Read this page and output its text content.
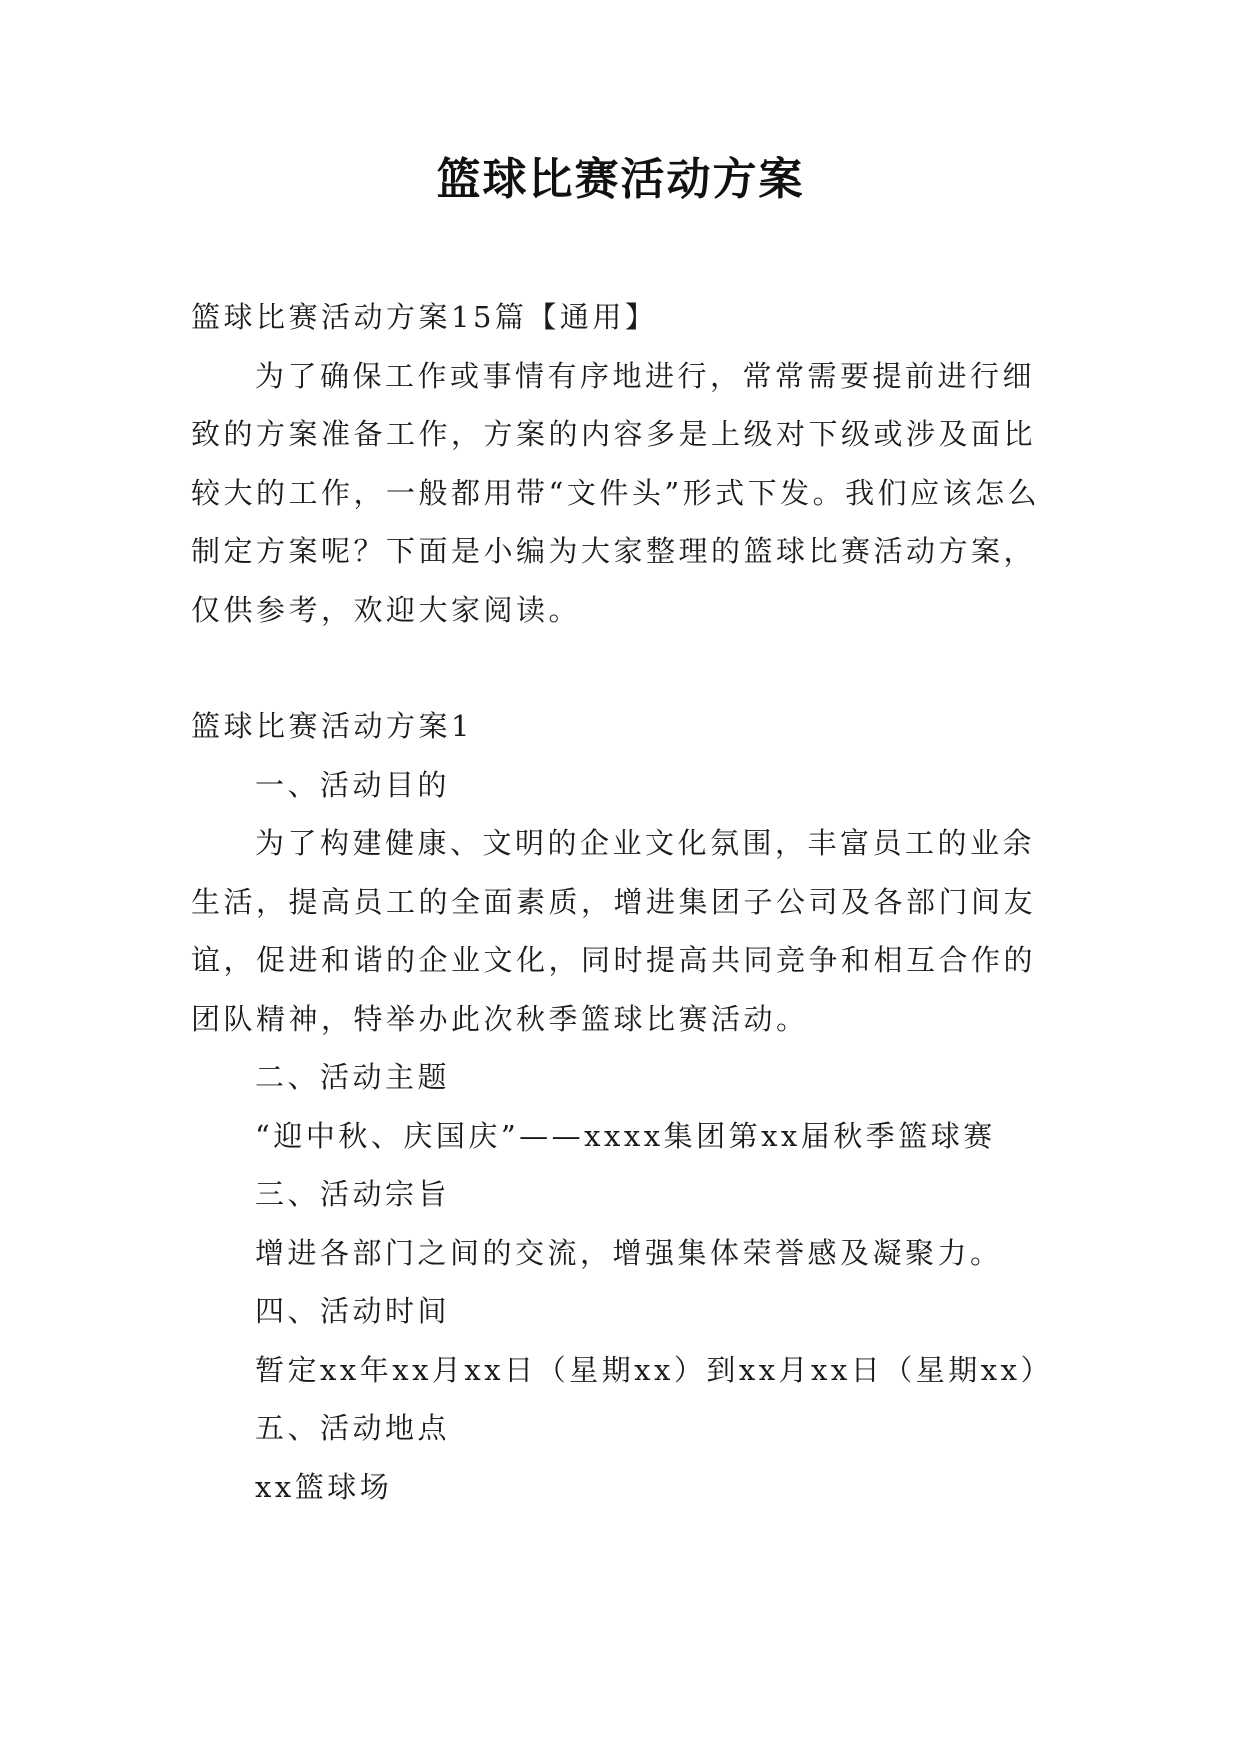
篮球比赛活动方案

篮球比赛活动方案15篇【通用】

为了确保工作或事情有序地进行，常常需要提前进行细致的方案准备工作，方案的内容多是上级对下级或涉及面比较大的工作，一般都用带“文件头”形式下发。我们应该怎么制定方案呢？下面是小编为大家整理的篮球比赛活动方案，仅供参考，欢迎大家阅读。

篮球比赛活动方案1

一、活动目的

为了构建健康、文明的企业文化氛围，丰富员工的业余生活，提高员工的全面素质，增进集团子公司及各部门间友谊，促进和谐的企业文化，同时提高共同竞争和相互合作的团队精神，特举办此次秋季篮球比赛活动。

二、活动主题

“迎中秋、庆国庆”——xxxx集团第xx届秋季篮球赛

三、活动宗旨

增进各部门之间的交流，增强集体荣誉感及凝聚力。

四、活动时间

暂定xx年xx月xx日（星期xx）到xx月xx日（星期xx）

五、活动地点

xx篮球场
